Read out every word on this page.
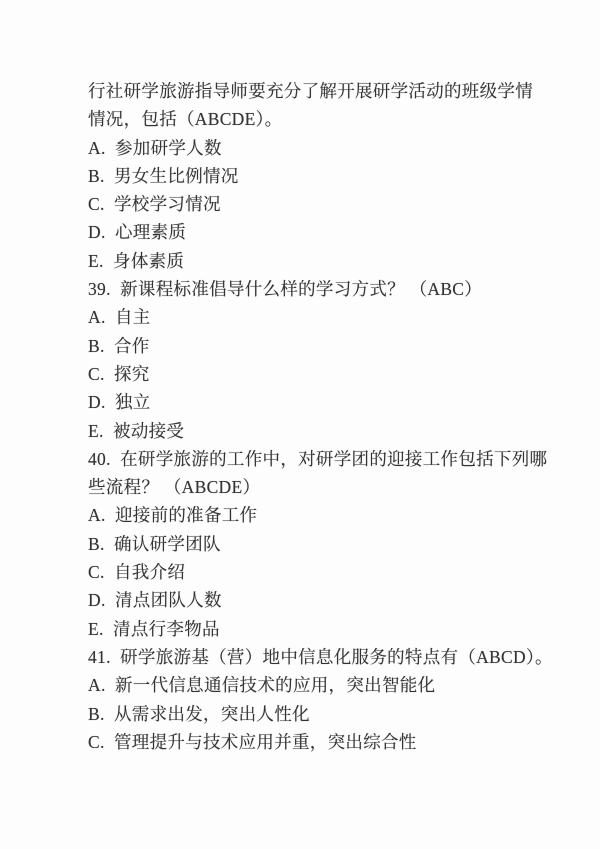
行社研学旅游指导师要充分了解开展研学活动的班级学情
情况，包括（ABCDE）。
A.  参加研学人数
B.  男女生比例情况
C.  学校学习情况
D.  心理素质
E.  身体素质
39.  新课程标准倡导什么样的学习方式？ （ABC）
A.  自主
B.  合作
C.  探究
D.  独立
E.  被动接受
40.  在研学旅游的工作中，对研学团的迎接工作包括下列哪
些流程？ （ABCDE）
A.  迎接前的准备工作
B.  确认研学团队
C.  自我介绍
D.  清点团队人数
E.  清点行李物品
41.  研学旅游基（营）地中信息化服务的特点有（ABCD）。
A.  新一代信息通信技术的应用，突出智能化
B.  从需求出发，突出人性化
C.  管理提升与技术应用并重，突出综合性
